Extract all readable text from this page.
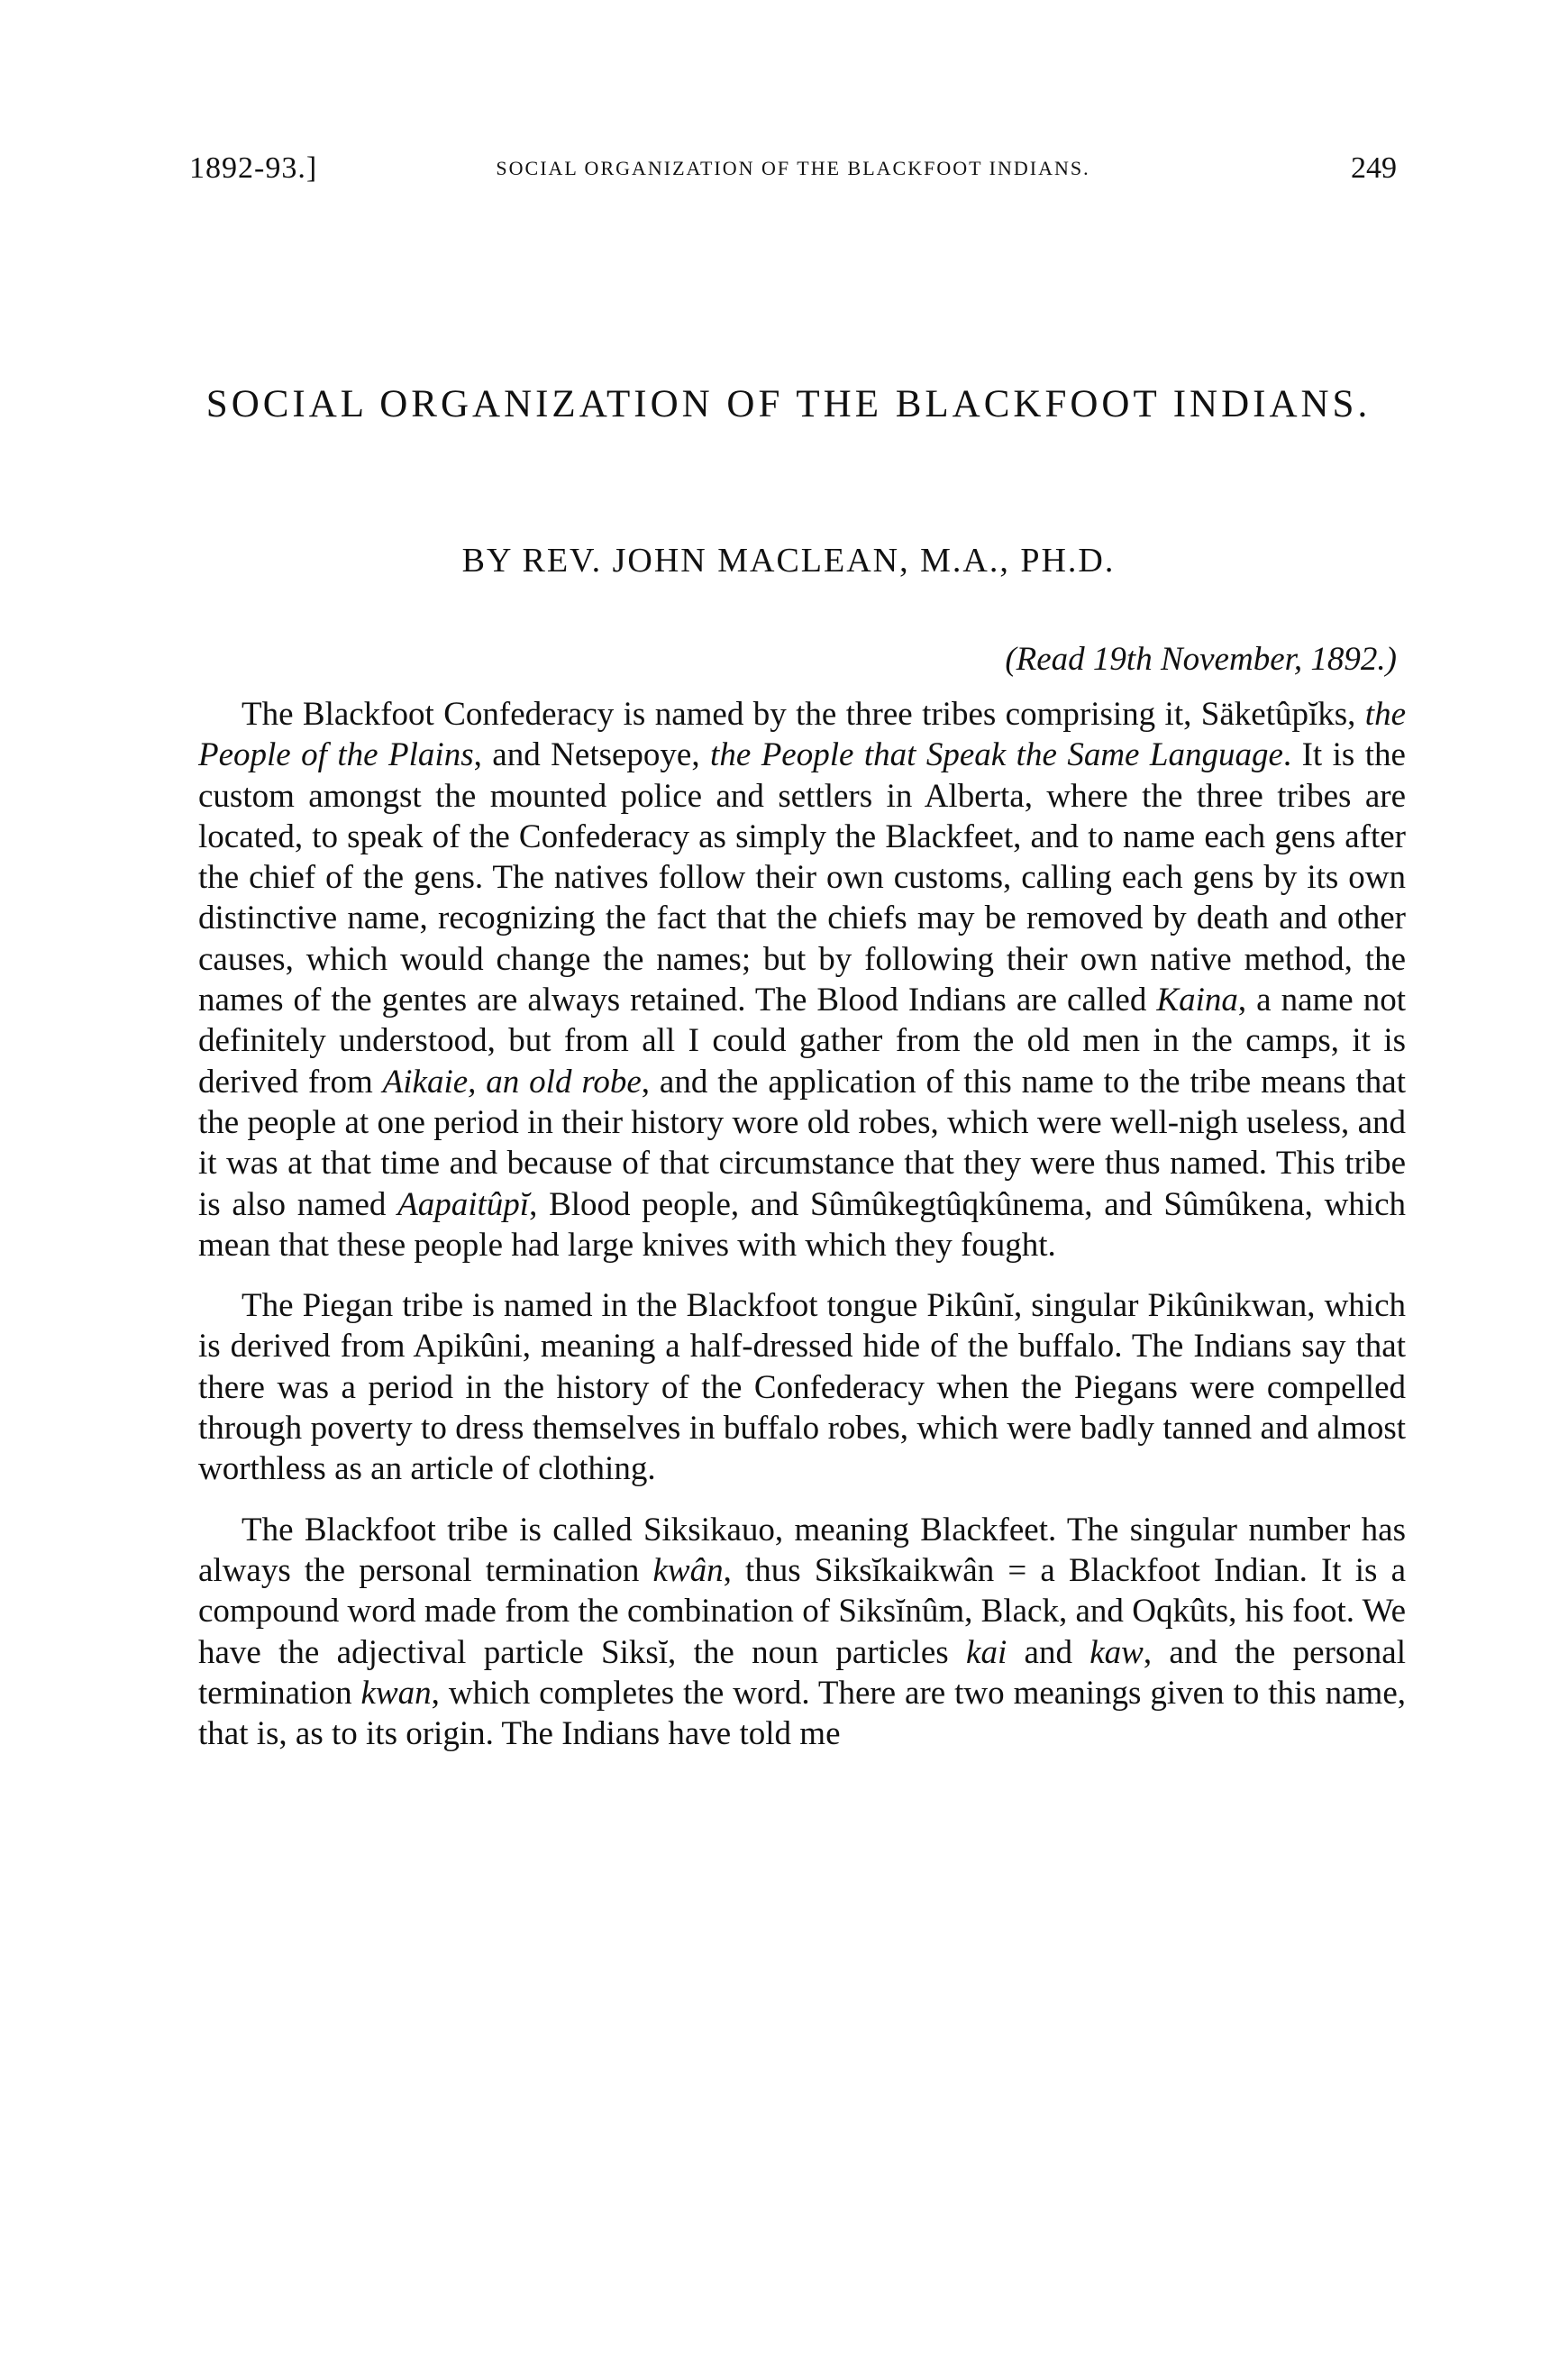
1892-93.]	SOCIAL ORGANIZATION OF THE BLACKFOOT INDIANS.	249
SOCIAL ORGANIZATION OF THE BLACKFOOT INDIANS.
BY REV. JOHN MACLEAN, M.A., PH.D.
(Read 19th November, 1892.)

The Blackfoot Confederacy is named by the three tribes comprising it, Säketûpĭks, the People of the Plains, and Netsepoye, the People that Speak the Same Language. It is the custom amongst the mounted police and settlers in Alberta, where the three tribes are located, to speak of the Confederacy as simply the Blackfeet, and to name each gens after the chief of the gens. The natives follow their own customs, calling each gens by its own distinctive name, recognizing the fact that the chiefs may be removed by death and other causes, which would change the names; but by following their own native method, the names of the gentes are always retained. The Blood Indians are called Kaina, a name not definitely understood, but from all I could gather from the old men in the camps, it is derived from Aikaie, an old robe, and the application of this name to the tribe means that the people at one period in their history wore old robes, which were well-nigh useless, and it was at that time and because of that circumstance that they were thus named. This tribe is also named Aapaitûpĭ, Blood people, and Sûmûkegtûqkûnema, and Sûmûkena, which mean that these people had large knives with which they fought.

The Piegan tribe is named in the Blackfoot tongue Pikûnĭ, singular Pikûnikwan, which is derived from Apikûni, meaning a half-dressed hide of the buffalo. The Indians say that there was a period in the history of the Confederacy when the Piegans were compelled through poverty to dress themselves in buffalo robes, which were badly tanned and almost worthless as an article of clothing.

The Blackfoot tribe is called Siksikauo, meaning Blackfeet. The singular number has always the personal termination kwân, thus Siksĭkaikwân = a Blackfoot Indian. It is a compound word made from the combination of Siksĭnûm, Black, and Oqkûts, his foot. We have the adjectival particle Siksĭ, the noun particles kai and kaw, and the personal termination kwan, which completes the word. There are two meanings given to this name, that is, as to its origin. The Indians have told me
